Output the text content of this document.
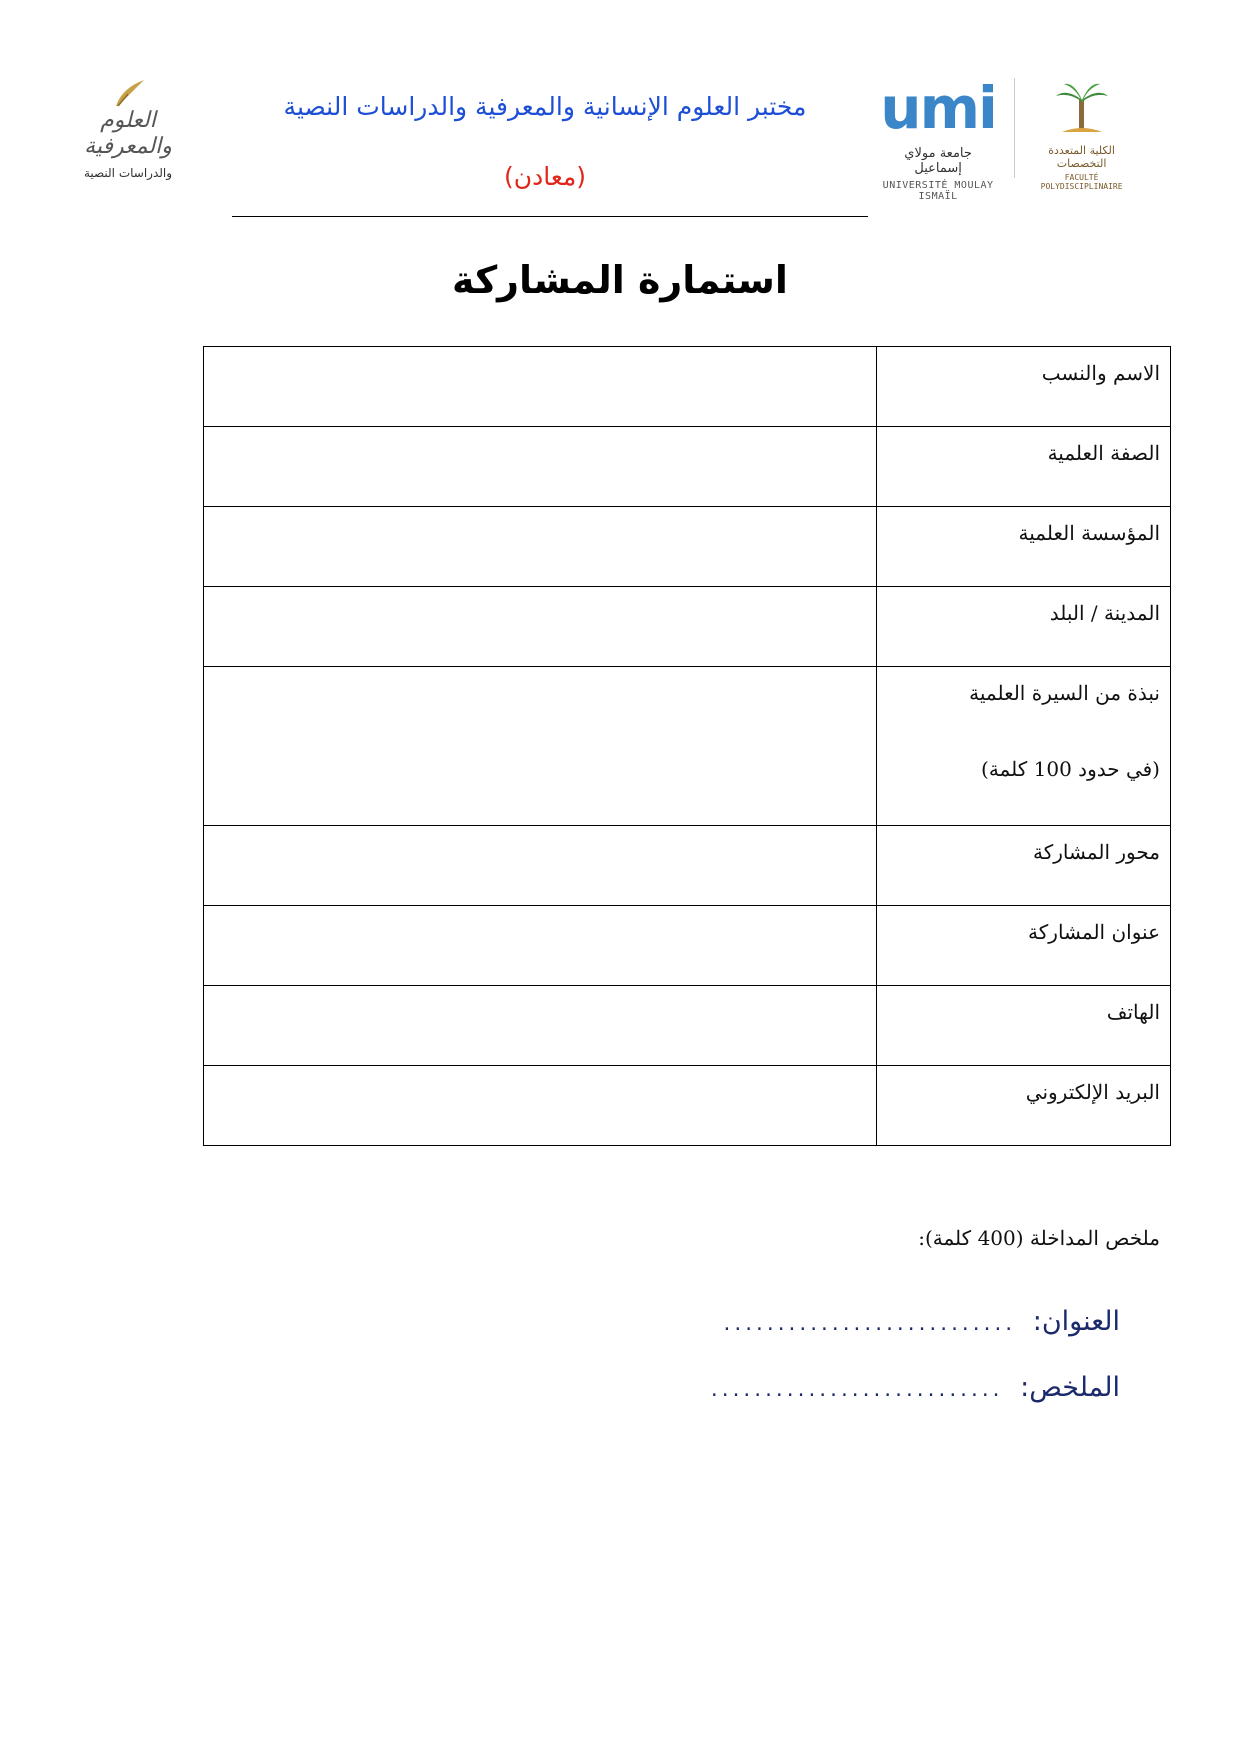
umi
جامعة مولاي إسماعيل
UNIVERSITÉ MOULAY ISMAÏL
الكلية المتعددة التخصصات
FACULTÉ POLYDISCIPLINAIRE
مختبر العلوم الإنسانية والمعرفية والدراسات النصية
(معادن)
العلوم والمعرفية
والدراسات النصية
استمارة المشاركة
الاسم والنسب	
الصفة العلمية	
المؤسسة العلمية	
المدينة / البلد	
نبذة من السيرة العلمية
(في حدود 100 كلمة)

محور المشاركة	
عنوان المشاركة	
الهاتف	
البريد الإلكتروني	
ملخص المداخلة (400 كلمة):
العنوان: ...........................
الملخص: ...........................
